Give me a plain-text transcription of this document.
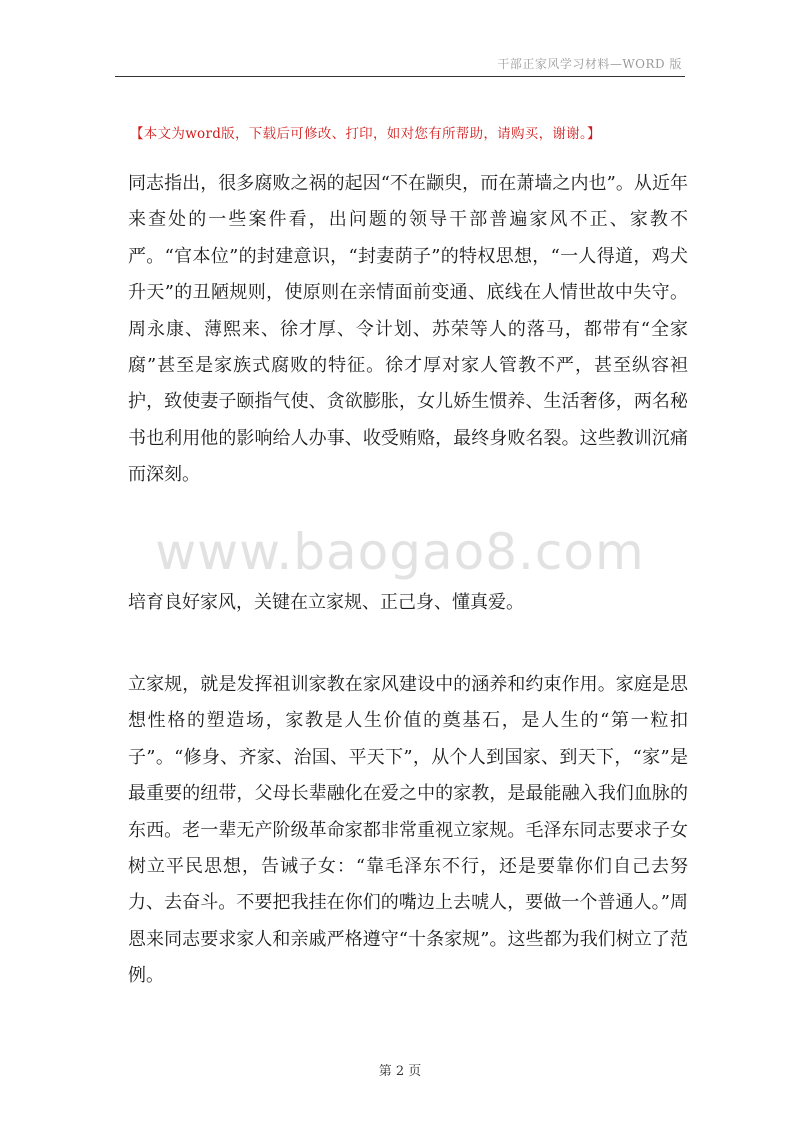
干部正家风学习材料—WORD 版
【本文为word版，下载后可修改、打印，如对您有所帮助，请购买，谢谢。】
www.baogao8.com

同志指出，很多腐败之祸的起因“不在颛臾，而在萧墙之内也”。从近年来查处的一些案件看，出问题的领导干部普遍家风不正、家教不严。“官本位”的封建意识，“封妻荫子”的特权思想，“一人得道，鸡犬升天”的丑陋规则，使原则在亲情面前变通、底线在人情世故中失守。周永康、薄熙来、徐才厚、令计划、苏荣等人的落马，都带有“全家腐”甚至是家族式腐败的特征。徐才厚对家人管教不严，甚至纵容袒护，致使妻子颐指气使、贪欲膨胀，女儿娇生惯养、生活奢侈，两名秘书也利用他的影响给人办事、收受贿赂，最终身败名裂。这些教训沉痛而深刻。

培育良好家风，关键在立家规、正己身、懂真爱。

立家规，就是发挥祖训家教在家风建设中的涵养和约束作用。家庭是思想性格的塑造场，家教是人生价值的奠基石，是人生的“第一粒扣子”。“修身、齐家、治国、平天下”，从个人到国家、到天下，“家”是最重要的纽带，父母长辈融化在爱之中的家教，是最能融入我们血脉的东西。老一辈无产阶级革命家都非常重视立家规。毛泽东同志要求子女树立平民思想，告诫子女：“靠毛泽东不行，还是要靠你们自己去努力、去奋斗。不要把我挂在你们的嘴边上去唬人，要做一个普通人。”周恩来同志要求家人和亲戚严格遵守“十条家规”。这些都为我们树立了范例。

第 2 页
